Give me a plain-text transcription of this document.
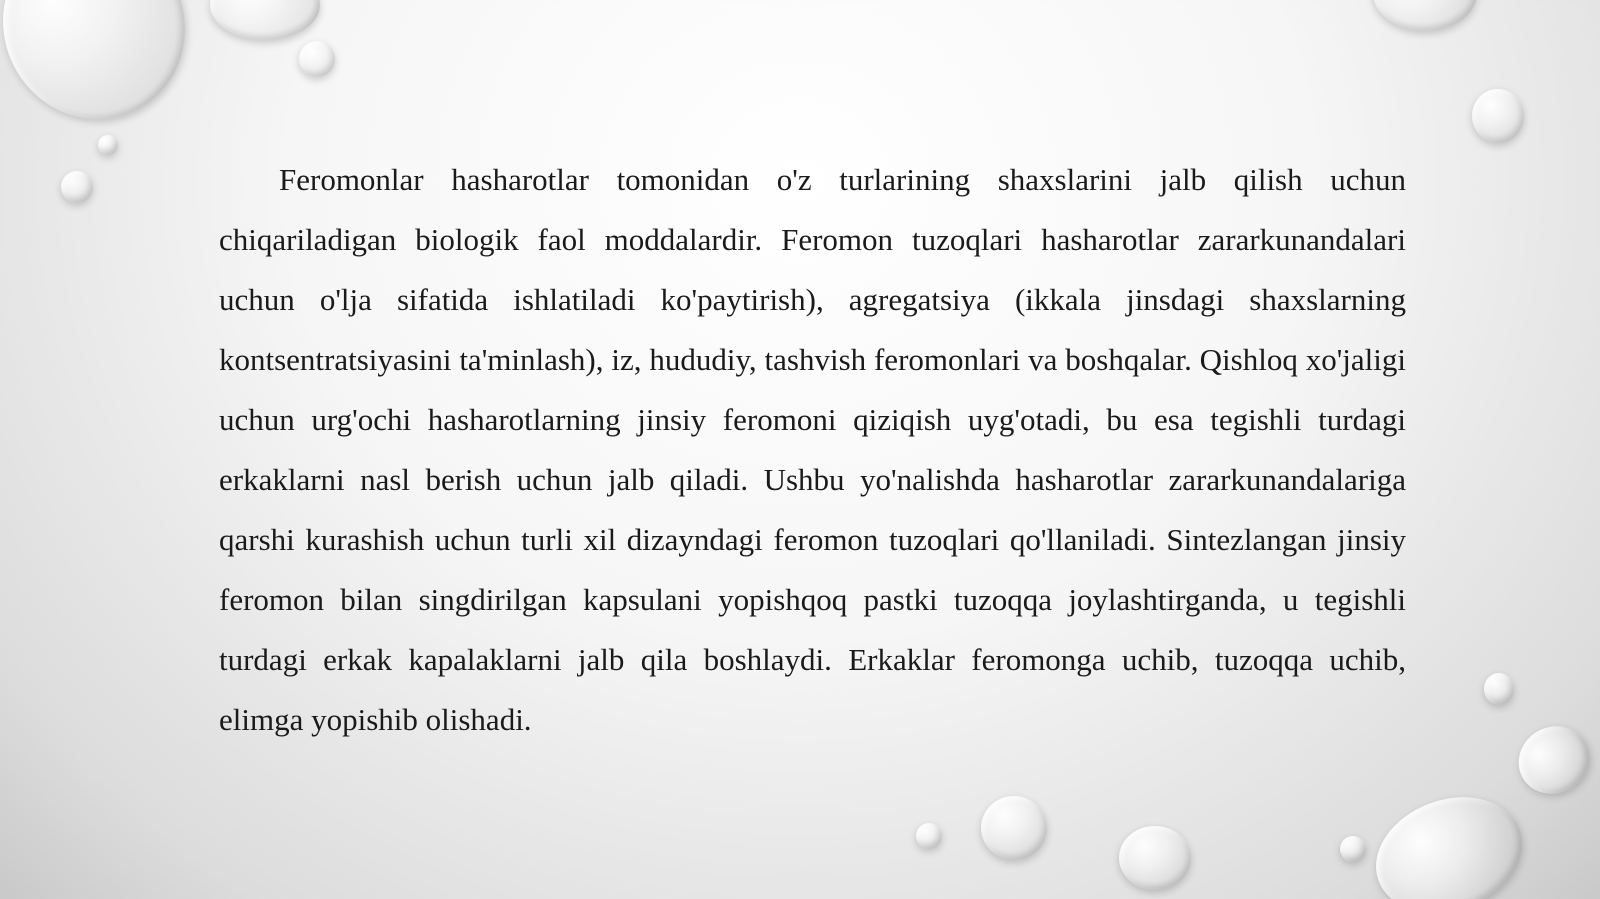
Feromonlar hasharotlar tomonidan o'z turlarining shaxslarini jalb qilish uchun chiqariladigan biologik faol moddalardir. Feromon tuzoqlari hasharotlar zararkunandalari uchun o'lja sifatida ishlatiladi ko'paytirish), agregatsiya (ikkala jinsdagi shaxslarning kontsentratsiyasini ta'minlash), iz, hududiy, tashvish feromonlari va boshqalar. Qishloq xo'jaligi uchun urg'ochi hasharotlarning jinsiy feromoni qiziqish uyg'otadi, bu esa tegishli turdagi erkaklarni nasl berish uchun jalb qiladi. Ushbu yo'nalishda hasharotlar zararkunandalariga qarshi kurashish uchun turli xil dizayndagi feromon tuzoqlari qo'llaniladi. Sintezlangan jinsiy feromon bilan singdirilgan kapsulani yopishqoq pastki tuzoqqa joylashtirganda, u tegishli turdagi erkak kapalaklarni jalb qila boshlaydi. Erkaklar feromonga uchib, tuzoqqa uchib, elimga yopishib olishadi.
